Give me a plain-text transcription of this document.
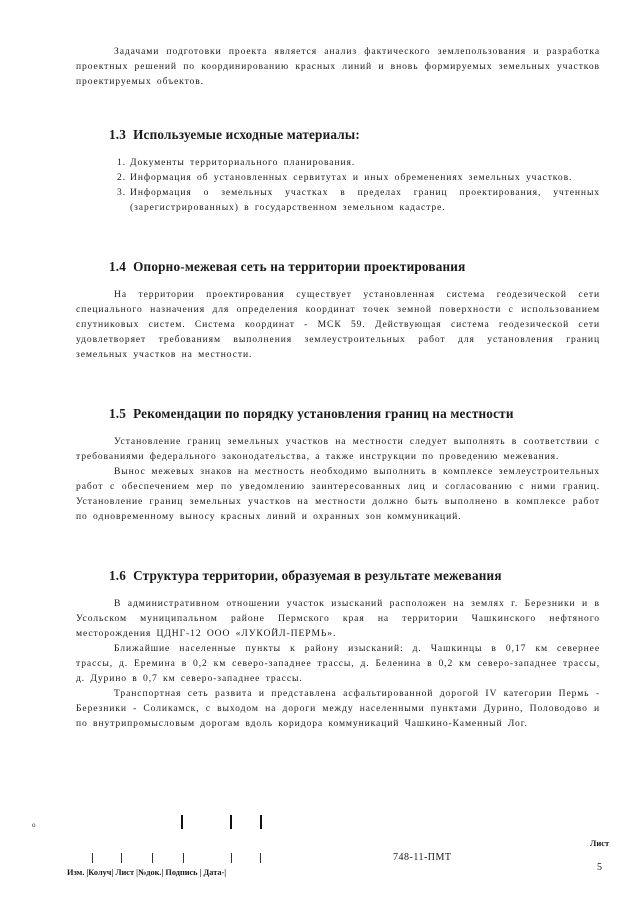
Задачами подготовки проекта является анализ фактического землепользования и разработка проектных решений по координированию красных линий и вновь формируемых земельных участков проектируемых объектов.

1.3 Используемые исходные материалы:
1. Документы территориального планирования.
2. Информация об установленных сервитутах и иных обременениях земельных участков.
3. Информация о земельных участках в пределах границ проектирования, учтенных (зарегистрированных) в государственном земельном кадастре.
1.4 Опорно-межевая сеть на территории проектирования

На территории проектирования существует установленная система геодезической сети специального назначения для определения координат точек земной поверхности с использованием спутниковых систем. Система координат - МСК 59. Действующая система геодезической сети удовлетворяет требованиям выполнения землеустроительных работ для установления границ земельных участков на местности.

1.5 Рекомендации по порядку установления границ на местности

Установление границ земельных участков на местности следует выполнять в соответствии с требованиями федерального законодательства, а также инструкции по проведению межевания.

Вынос межевых знаков на местность необходимо выполнить в комплексе землеустроительных работ с обеспечением мер по уведомлению заинтересованных лиц и согласованию с ними границ. Установление границ земельных участков на местности должно быть выполнено в комплексе работ по одновременному выносу красных линий и охранных зон коммуникаций.

1.6 Структура территории, образуемая в результате межевания

В административном отношении участок изысканий расположен на землях г. Березники и в Усольском муниципальном районе Пермского края на территории Чашкинского нефтяного месторождения ЦДНГ-12 ООО «ЛУКОЙЛ-ПЕРМЬ».

Ближайшие населенные пункты к району изысканий: д. Чашкинцы в 0,17 км севернее трассы, д. Еремина в 0,2 км северо-западнее трассы, д. Беленина в 0,2 км северо-западнее трассы, д. Дурино в 0,7 км северо-западнее трассы.

Транспортная сеть развита и представлена асфальтированной дорогой IV категории Пермь - Березники - Соликамск, с выходом на дороги между населенными пунктами Дурино, Половодово и по внутрипромысловым дорогам вдоль коридора коммуникаций Чашкино-Каменный Лог.

о
748-11-ПМТ
Лист
5
Изм. |Колуч| Лист |№док.| Подпись | Дата-|
